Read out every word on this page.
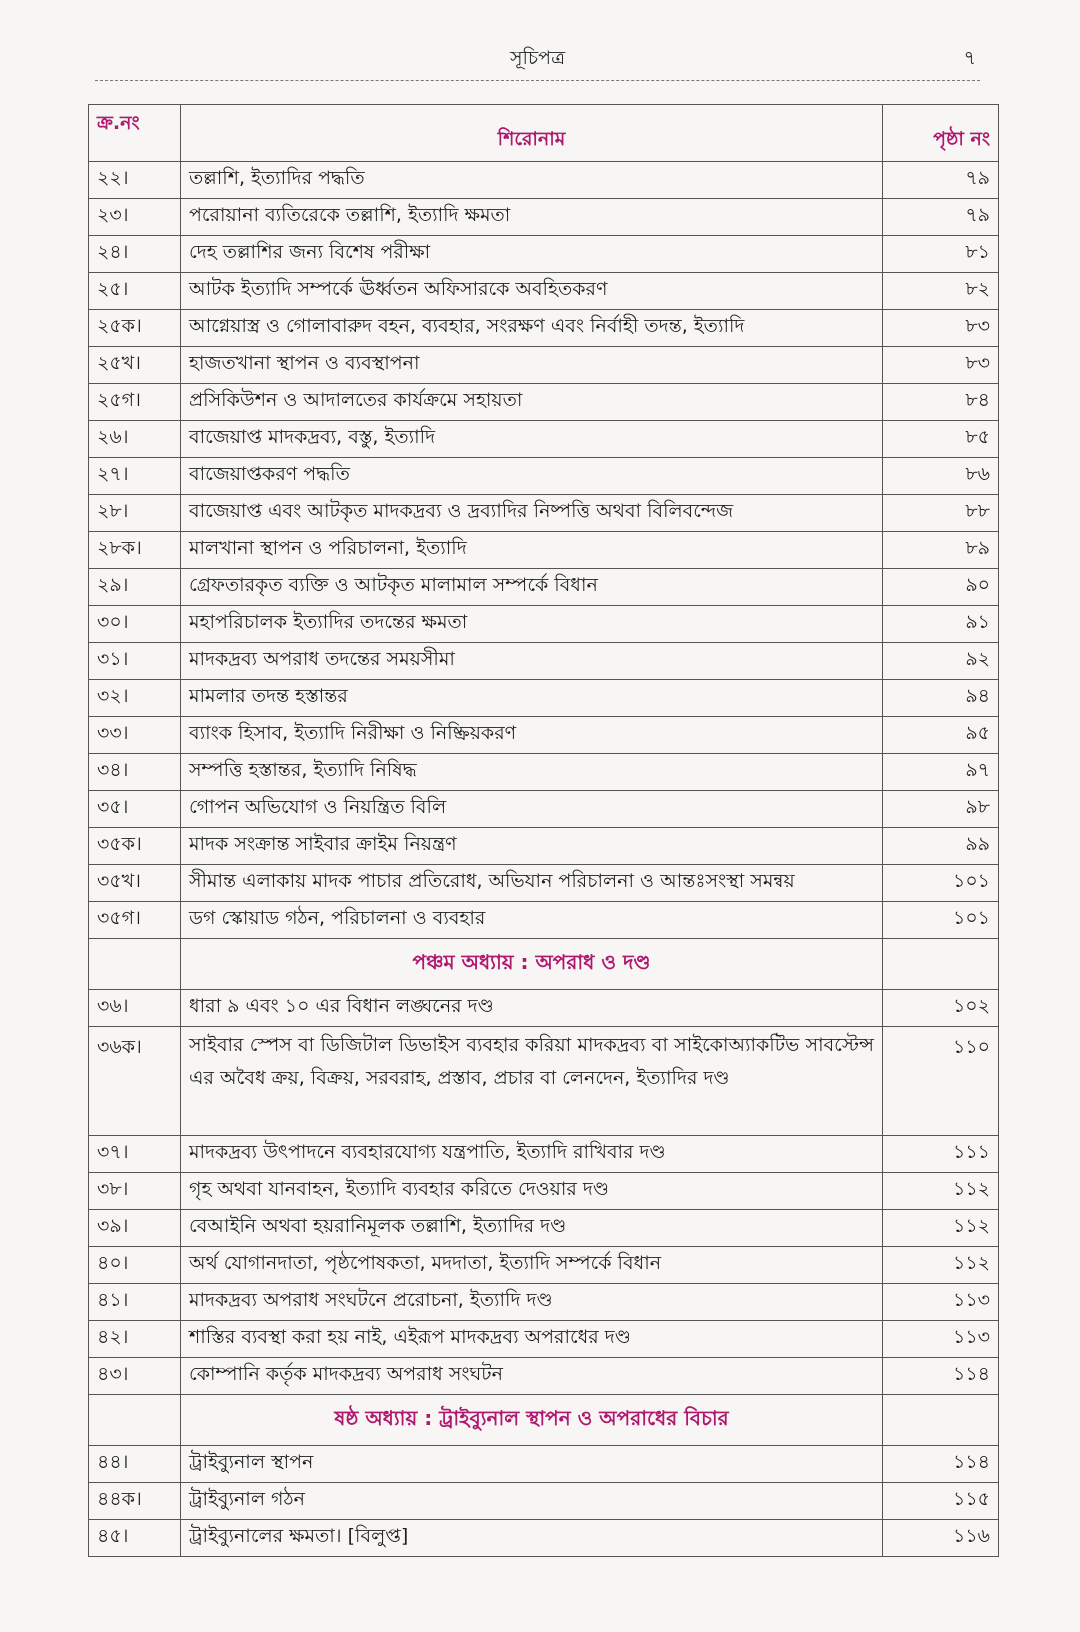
সূচিপত্র	৭
ক্র.নং	শিরোনাম	পৃষ্ঠা নং
২২।	তল্লাশি, ইত্যাদির পদ্ধতি	৭৯
২৩।	পরোয়ানা ব্যতিরেকে তল্লাশি, ইত্যাদি ক্ষমতা	৭৯
২৪।	দেহ তল্লাশির জন্য বিশেষ পরীক্ষা	৮১
২৫।	আটক ইত্যাদি সম্পর্কে ঊর্ধ্বতন অফিসারকে অবহিতকরণ	৮২
২৫ক।	আগ্নেয়াস্ত্র ও গোলাবারুদ বহন, ব্যবহার, সংরক্ষণ এবং নির্বাহী তদন্ত, ইত্যাদি	৮৩
২৫খ।	হাজতখানা স্থাপন ও ব্যবস্থাপনা	৮৩
২৫গ।	প্রসিকিউশন ও আদালতের কার্যক্রমে সহায়তা	৮৪
২৬।	বাজেয়াপ্ত মাদকদ্রব্য, বস্তু, ইত্যাদি	৮৫
২৭।	বাজেয়াপ্তকরণ পদ্ধতি	৮৬
২৮।	বাজেয়াপ্ত এবং আটকৃত মাদকদ্রব্য ও দ্রব্যাদির নিষ্পত্তি অথবা বিলিবন্দেজ	৮৮
২৮ক।	মালখানা স্থাপন ও পরিচালনা, ইত্যাদি	৮৯
২৯।	গ্রেফতারকৃত ব্যক্তি ও আটকৃত মালামাল সম্পর্কে বিধান	৯০
৩০।	মহাপরিচালক ইত্যাদির তদন্তের ক্ষমতা	৯১
৩১।	মাদকদ্রব্য অপরাধ তদন্তের সময়সীমা	৯২
৩২।	মামলার তদন্ত হস্তান্তর	৯৪
৩৩।	ব্যাংক হিসাব, ইত্যাদি নিরীক্ষা ও নিষ্ক্রিয়করণ	৯৫
৩৪।	সম্পত্তি হস্তান্তর, ইত্যাদি নিষিদ্ধ	৯৭
৩৫।	গোপন অভিযোগ ও নিয়ন্ত্রিত বিলি	৯৮
৩৫ক।	মাদক সংক্রান্ত সাইবার ক্রাইম নিয়ন্ত্রণ	৯৯
৩৫খ।	সীমান্ত এলাকায় মাদক পাচার প্রতিরোধ, অভিযান পরিচালনা ও আন্তঃসংস্থা সমন্বয়	১০১
৩৫গ।	ডগ স্কোয়াড গঠন, পরিচালনা ও ব্যবহার	১০১
	পঞ্চম অধ্যায় : অপরাধ ও দণ্ড	
৩৬।	ধারা ৯ এবং ১০ এর বিধান লঙ্ঘনের দণ্ড	১০২
৩৬ক।	সাইবার স্পেস বা ডিজিটাল ডিভাইস ব্যবহার করিয়া মাদকদ্রব্য বা সাইকোঅ্যাকটিভ সাবস্টেন্স এর অবৈধ ক্রয়, বিক্রয়, সরবরাহ, প্রস্তাব, প্রচার বা লেনদেন, ইত্যাদির দণ্ড	১১০
৩৭।	মাদকদ্রব্য উৎপাদনে ব্যবহারযোগ্য যন্ত্রপাতি, ইত্যাদি রাখিবার দণ্ড	১১১
৩৮।	গৃহ অথবা যানবাহন, ইত্যাদি ব্যবহার করিতে দেওয়ার দণ্ড	১১২
৩৯।	বেআইনি অথবা হয়রানিমূলক তল্লাশি, ইত্যাদির দণ্ড	১১২
৪০।	অর্থ যোগানদাতা, পৃষ্ঠপোষকতা, মদদাতা, ইত্যাদি সম্পর্কে বিধান	১১২
৪১।	মাদকদ্রব্য অপরাধ সংঘটনে প্ররোচনা, ইত্যাদি দণ্ড	১১৩
৪২।	শাস্তির ব্যবস্থা করা হয় নাই, এইরূপ মাদকদ্রব্য অপরাধের দণ্ড	১১৩
৪৩।	কোম্পানি কর্তৃক মাদকদ্রব্য অপরাধ সংঘটন	১১৪
	ষষ্ঠ অধ্যায় : ট্রাইব্যুনাল স্থাপন ও অপরাধের বিচার	
৪৪।	ট্রাইব্যুনাল স্থাপন	১১৪
৪৪ক।	ট্রাইব্যুনাল গঠন	১১৫
৪৫।	ট্রাইব্যুনালের ক্ষমতা। [বিলুপ্ত]	১১৬
